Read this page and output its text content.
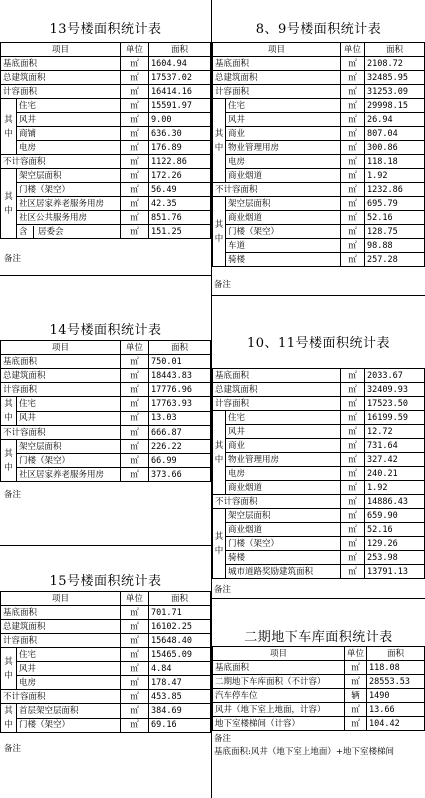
13号楼面积统计表
项目		单位	面积
基底面积		㎡	1604.94
总建筑面积		㎡	17537.02
计容面积		㎡	16414.16
其中	住宅	㎡	15591.97
	风井	㎡	9.00
	商铺	㎡	636.30
	电房	㎡	176.89
不计容面积		㎡	1122.86
其中	架空层面积	㎡	172.26
	门楼（架空）	㎡	56.49
	社区居家养老服务用房	㎡	42.35
	社区公共服务用房	㎡	851.76
	含 居委会	㎡	151.25
备注
14号楼面积统计表
项目		单位	面积
基底面积		㎡	750.01
总建筑面积		㎡	18443.83
计容面积		㎡	17776.96
其中	住宅	㎡	17763.93
	风井	㎡	13.03
不计容面积		㎡	666.87
其中	架空层面积	㎡	226.22
	门楼（架空）	㎡	66.99
	社区居家养老服务用房	㎡	373.66
备注
15号楼面积统计表
项目		单位	面积
基底面积		㎡	701.71
总建筑面积		㎡	16102.25
计容面积		㎡	15648.40
其中	住宅	㎡	15465.09
	风井	㎡	4.84
	电房	㎡	178.47
不计容面积		㎡	453.85
其中	首层架空层面积	㎡	384.69
	门楼（架空）	㎡	69.16
备注
8、9号楼面积统计表
项目		单位	面积
基底面积		㎡	2108.72
总建筑面积		㎡	32485.95
计容面积		㎡	31253.09
其中	住宅	㎡	29998.15
	风井	㎡	26.94
	商业	㎡	807.04
	物业管理用房	㎡	300.86
	电房	㎡	118.18
	商业烟道	㎡	1.92
不计容面积		㎡	1232.86
其中	架空层面积	㎡	695.79
	商业烟道	㎡	52.16
	门楼（架空）	㎡	128.75
	车道	㎡	98.88
	骑楼	㎡	257.28
备注
10、11号楼面积统计表
基底面积		㎡	2033.67
总建筑面积		㎡	32409.93
计容面积		㎡	17523.50
其中	住宅	㎡	16199.59
	风井	㎡	12.72
	商业	㎡	731.64
	物业管理用房	㎡	327.42
	电房	㎡	240.21
	商业烟道	㎡	1.92
不计容面积		㎡	14886.43
其中	架空层面积	㎡	659.90
	商业烟道	㎡	52.16
	门楼（架空）	㎡	129.26
	骑楼	㎡	253.98
	城市道路奖励建筑面积	㎡	13791.13
备注
二期地下车库面积统计表
项目	单位	面积
基底面积	㎡	118.08
二期地下车库面积（不计容）	㎡	28553.53
汽车停车位	辆	1490
风井（地下室上地面，计容）	㎡	13.66
地下室楼梯间（计容）	㎡	104.42
备注
基底面积:风井（地下室上地面）+地下室楼梯间
